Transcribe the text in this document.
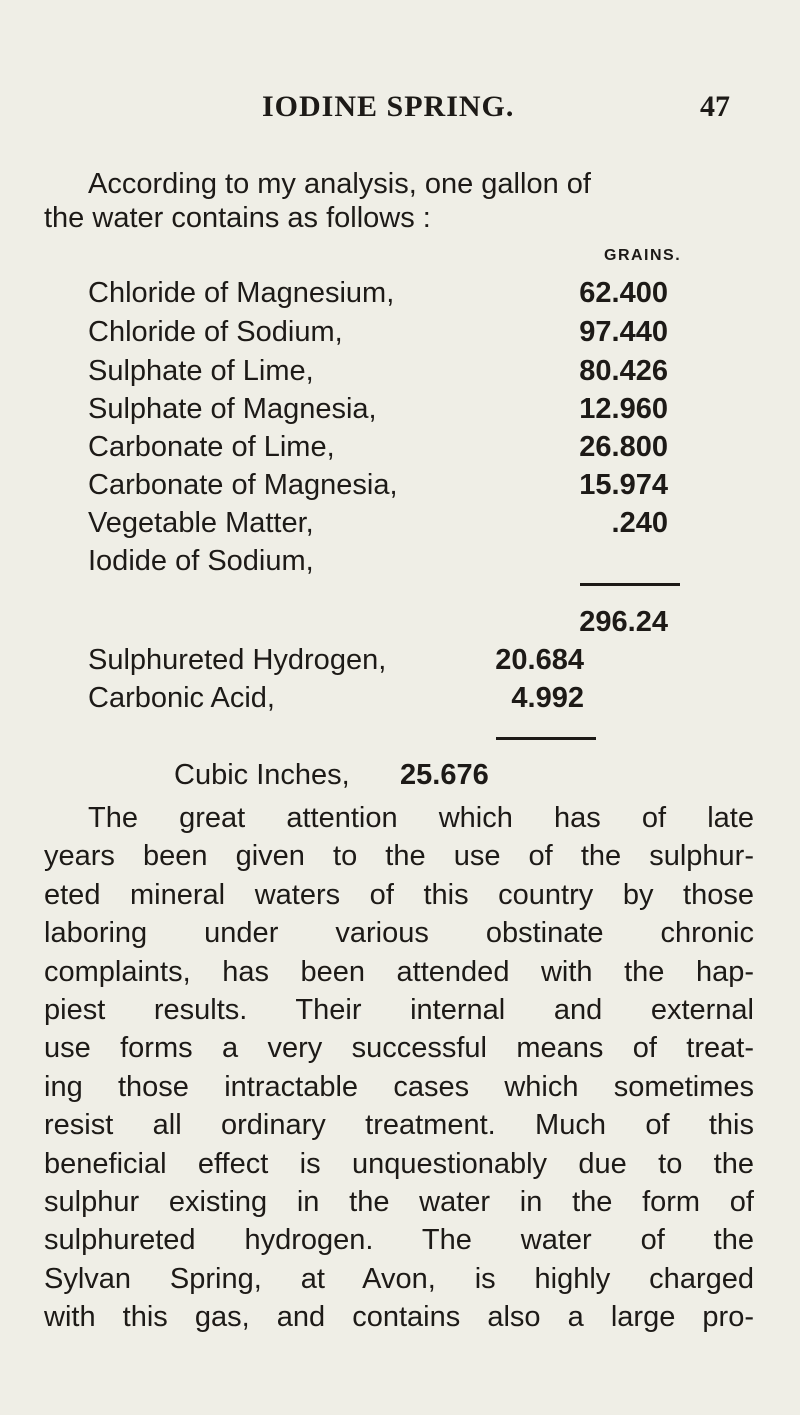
IODINE SPRING.	47
According to my analysis, one gallon of
the water contains as follows :
GRAINS.
Chloride of Magnesium,	62.400
Chloride of Sodium,	97.440
Sulphate of Lime,	80.426
Sulphate of Magnesia,	12.960
Carbonate of Lime,	26.800
Carbonate of Magnesia,	15.974
Vegetable Matter,	.240
Iodide of Sodium,
296.24
Sulphureted Hydrogen,	20.684
Carbonic Acid,	4.992
Cubic Inches, 25.676
The great attention which has of late
years been given to the use of the sulphur-
eted mineral waters of this country by those
laboring under various obstinate chronic
complaints, has been attended with the hap-
piest results. Their internal and external
use forms a very successful means of treat-
ing those intractable cases which sometimes
resist all ordinary treatment. Much of this
beneficial effect is unquestionably due to the
sulphur existing in the water in the form of
sulphureted hydrogen. The water of the
Sylvan Spring, at Avon, is highly charged
with this gas, and contains also a large pro-
